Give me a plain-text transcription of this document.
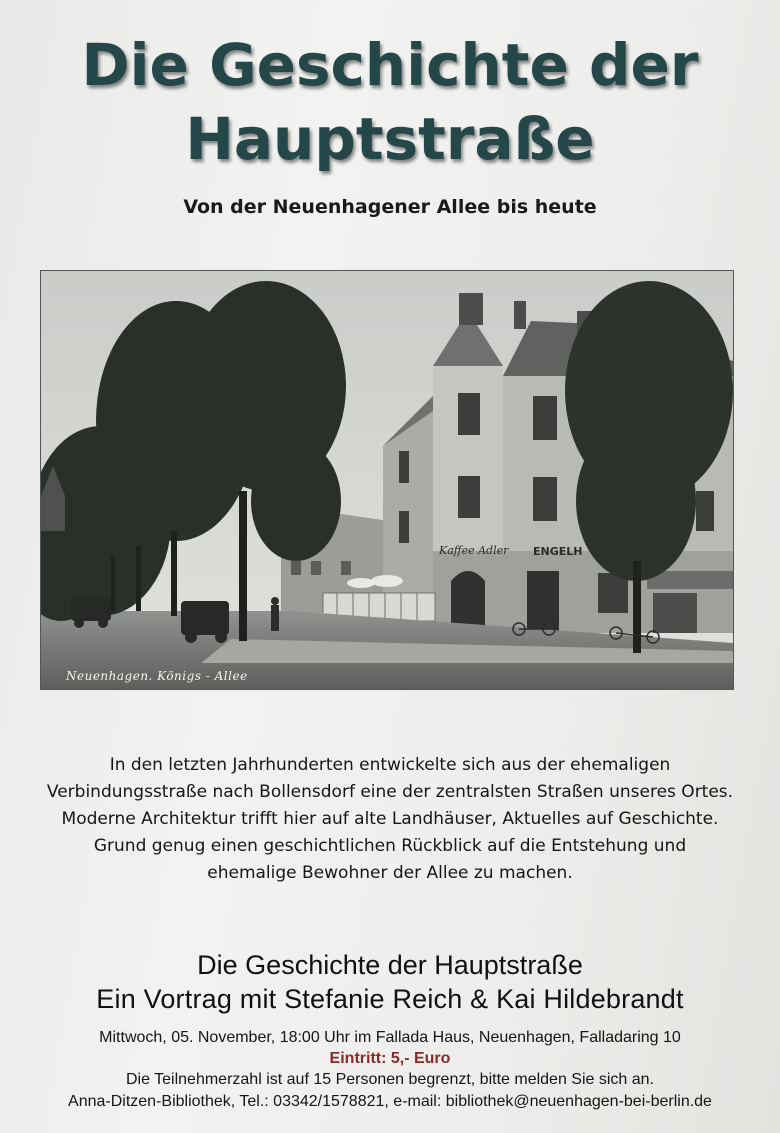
Die Geschichte der
Hauptstraße
Von der Neuenhagener Allee bis heute
Kaffee Adler ENGELH
Neuenhagen. Königs - Allee
In den letzten Jahrhunderten entwickelte sich aus der ehemaligen
Verbindungsstraße nach Bollensdorf eine der zentralsten Straßen unseres Ortes.
Moderne Architektur trifft hier auf alte Landhäuser, Aktuelles auf Geschichte.
Grund genug einen geschichtlichen Rückblick auf die Entstehung und
ehemalige Bewohner der Allee zu machen.
Die Geschichte der Hauptstraße
Ein Vortrag mit Stefanie Reich & Kai Hildebrandt
Mittwoch, 05. November, 18:00 Uhr im Fallada Haus, Neuenhagen, Falladaring 10
Eintritt: 5,- Euro
Die Teilnehmerzahl ist auf 15 Personen begrenzt, bitte melden Sie sich an.
Anna-Ditzen-Bibliothek, Tel.: 03342/1578821, e-mail: bibliothek@neuenhagen-bei-berlin.de
